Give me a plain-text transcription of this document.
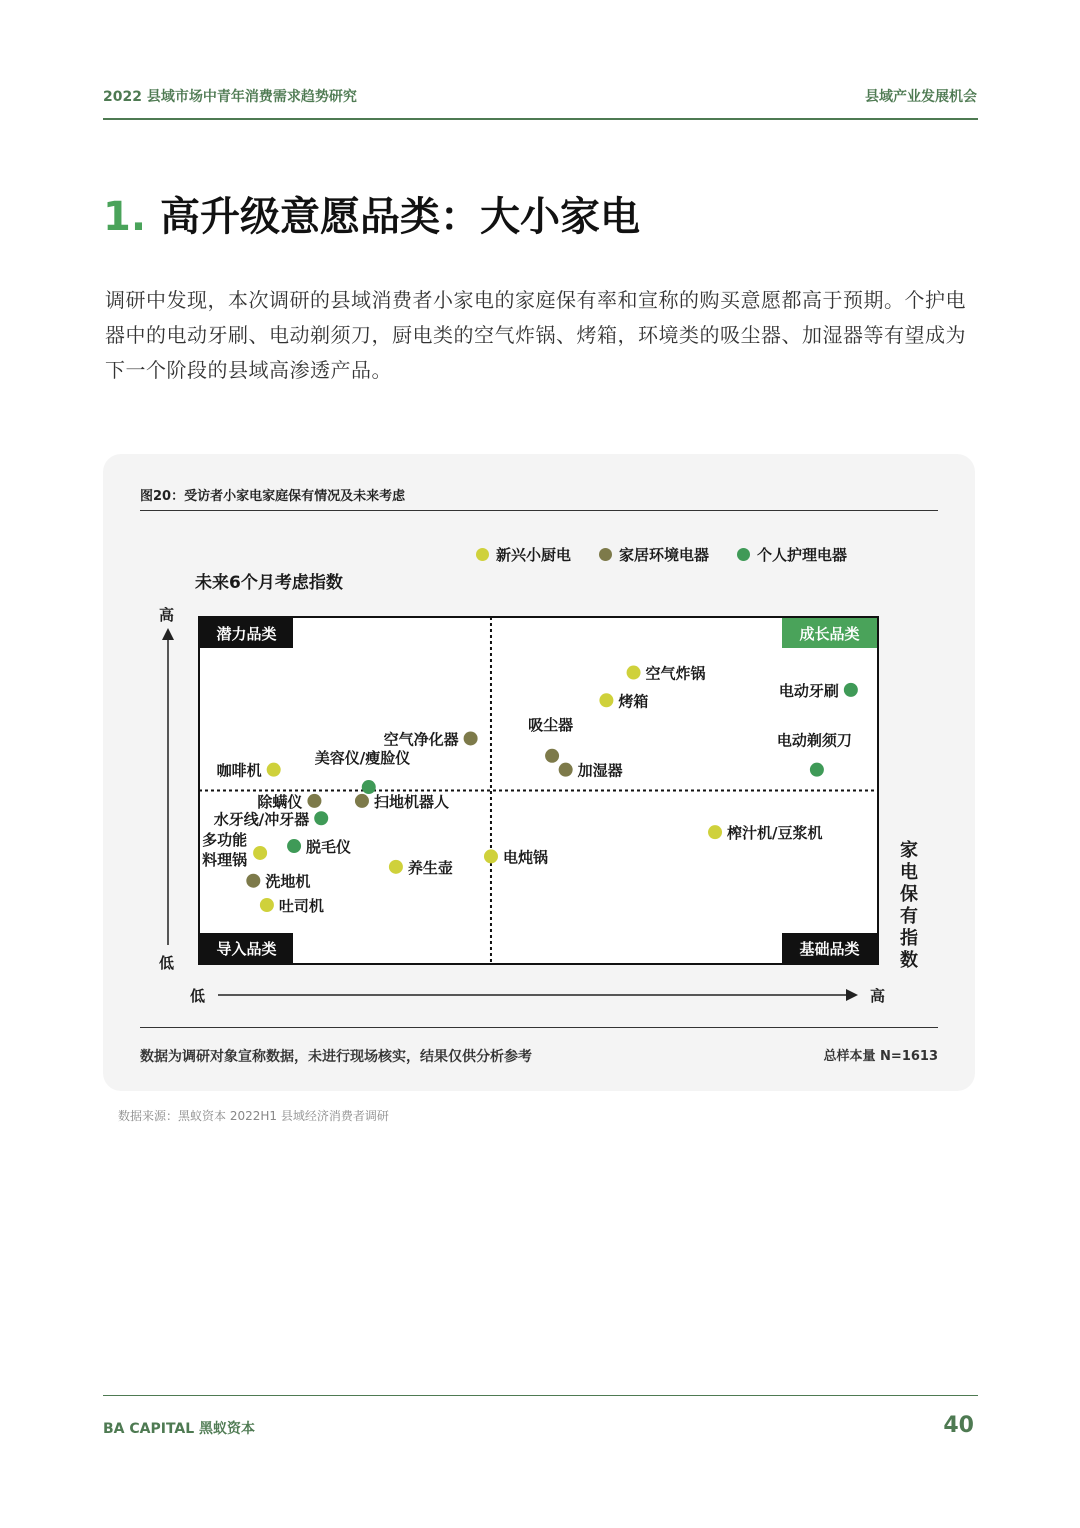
2022 县域市场中青年消费需求趋势研究	县域产业发展机会
1. 高升级意愿品类：大小家电
调研中发现，本次调研的县域消费者小家电的家庭保有率和宣称的购买意愿都高于预期。个护电器中的电动牙刷、电动剃须刀，厨电类的空气炸锅、烤箱，环境类的吸尘器、加湿器等有望成为下一个阶段的县域高渗透产品。
图20：受访者小家电家庭保有情况及未来考虑
新兴小厨电	家居环境电器	个人护理电器
未来6个月考虑指数
高
低
低	高
家
电
保
有
指
数
潜力品类	成长品类
导入品类	基础品类
空气炸锅
烤箱
电动牙刷
吸尘器
加湿器
电动剃须刀
空气净化器
美容仪/瘦脸仪
咖啡机
除螨仪	扫地机器人
水牙线/冲牙器
多功能料理锅
脱毛仪
洗地机
养生壶
吐司机
电炖锅
榨汁机/豆浆机
数据为调研对象宣称数据，未进行现场核实，结果仅供分析参考	总样本量 N=1613
数据来源：黑蚁资本 2022H1 县域经济消费者调研
BA CAPITAL 黑蚁资本	40
